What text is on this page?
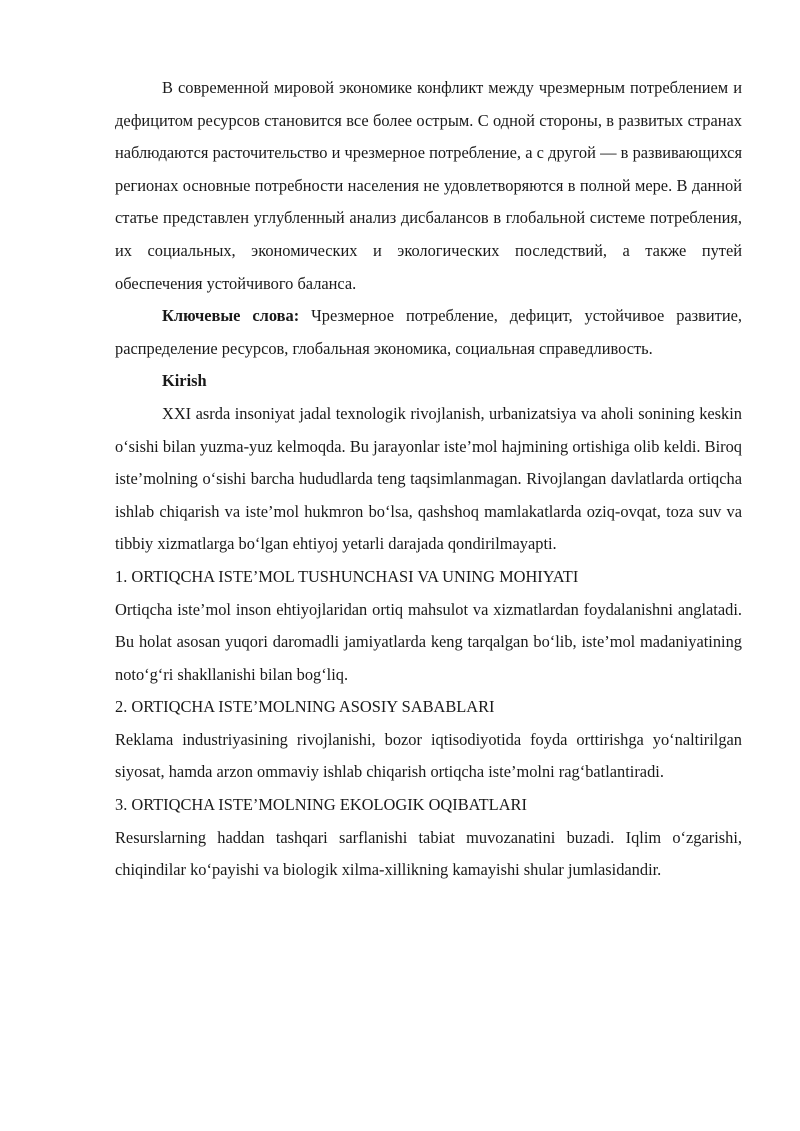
В современной мировой экономике конфликт между чрезмерным потреблением и дефицитом ресурсов становится все более острым. С одной стороны, в развитых странах наблюдаются расточительство и чрезмерное потребление, а с другой — в развивающихся регионах основные потребности населения не удовлетворяются в полной мере. В данной статье представлен углубленный анализ дисбалансов в глобальной системе потребления, их социальных, экономических и экологических последствий, а также путей обеспечения устойчивого баланса.

Ключевые слова: Чрезмерное потребление, дефицит, устойчивое развитие, распределение ресурсов, глобальная экономика, социальная справедливость.

Kirish

XXI asrda insoniyat jadal texnologik rivojlanish, urbanizatsiya va aholi sonining keskin o‘sishi bilan yuzma-yuz kelmoqda. Bu jarayonlar iste’mol hajmining ortishiga olib keldi. Biroq iste’molning o‘sishi barcha hududlarda teng taqsimlanmagan. Rivojlangan davlatlarda ortiqcha ishlab chiqarish va iste’mol hukmron bo‘lsa, qashshoq mamlakatlarda oziq-ovqat, toza suv va tibbiy xizmatlarga bo‘lgan ehtiyoj yetarli darajada qondirilmayapti.

1. ORTIQCHA ISTE’MOL TUSHUNCHASI VA UNING MOHIYATI

Ortiqcha iste’mol inson ehtiyojlaridan ortiq mahsulot va xizmatlardan foydalanishni anglatadi. Bu holat asosan yuqori daromadli jamiyatlarda keng tarqalgan bo‘lib, iste’mol madaniyatining noto‘g‘ri shakllanishi bilan bog‘liq.

2. ORTIQCHA ISTE’MOLNING ASOSIY SABABLARI

Reklama industriyasining rivojlanishi, bozor iqtisodiyotida foyda orttirishga yo‘naltirilgan siyosat, hamda arzon ommaviy ishlab chiqarish ortiqcha iste’molni rag‘batlantiradi.

3. ORTIQCHA ISTE’MOLNING EKOLOGIK OQIBATLARI

Resurslarning haddan tashqari sarflanishi tabiat muvozanatini buzadi. Iqlim o‘zgarishi, chiqindilar ko‘payishi va biologik xilma-xillikning kamayishi shular jumlasidandir.
